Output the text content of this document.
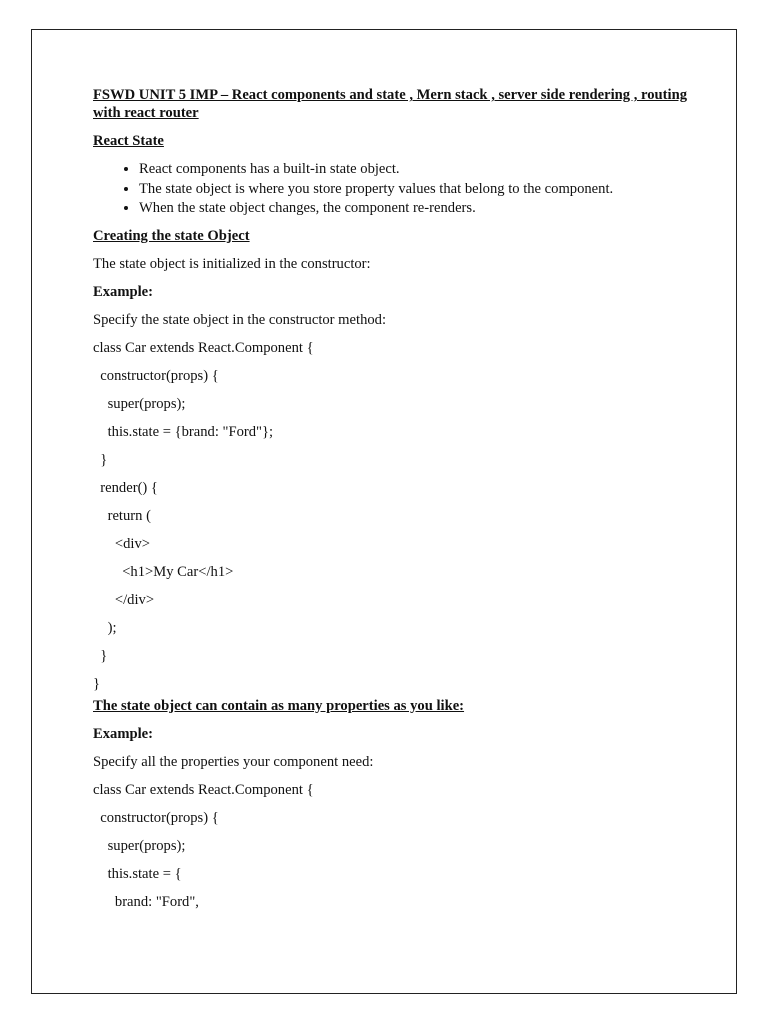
FSWD UNIT 5 IMP – React components and state , Mern stack , server side rendering , routing with react router
React State
• React components has a built-in state object.
• The state object is where you store property values that belong to the component.
• When the state object changes, the component re-renders.
Creating the state Object
The state object is initialized in the constructor:
Example:
Specify the state object in the constructor method:
class Car extends React.Component {
constructor(props) {
super(props);
this.state = {brand: "Ford"};
}
render() {
return (
<div>
<h1>My Car</h1>
</div>
);
}
}
The state object can contain as many properties as you like:
Example:
Specify all the properties your component need:
class Car extends React.Component {
constructor(props) {
super(props);
this.state = {
brand: "Ford",
